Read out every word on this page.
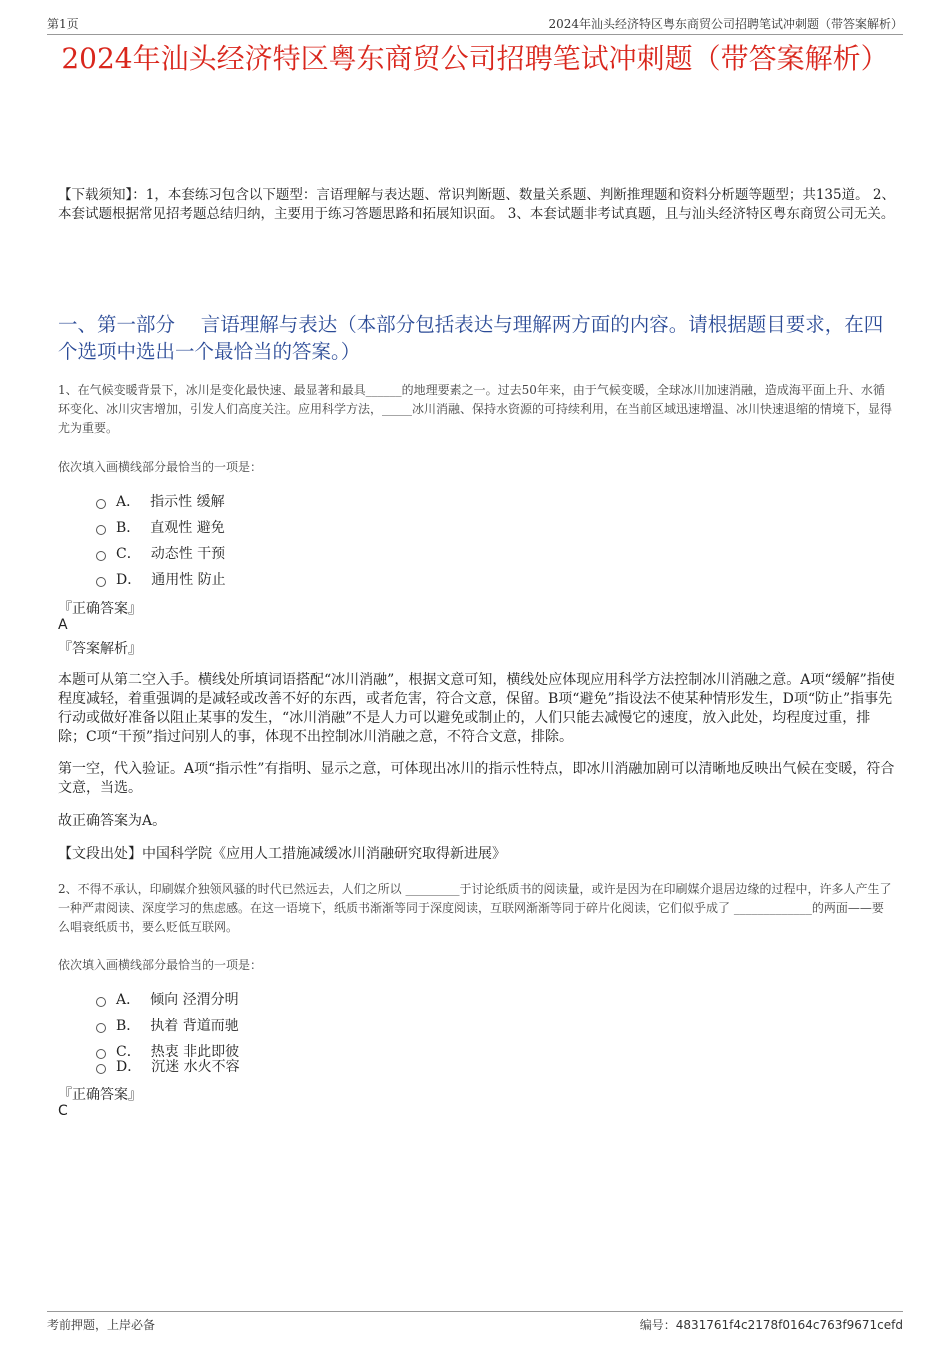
第1页	2024年汕头经济特区粤东商贸公司招聘笔试冲刺题（带答案解析）
2024年汕头经济特区粤东商贸公司招聘笔试冲刺题（带答案解析）
【下载须知】：1，本套练习包含以下题型：言语理解与表达题、常识判断题、数量关系题、判断推理题和资料分析题等题型；共135道。 2、本套试题根据常见招考题总结归纳，主要用于练习答题思路和拓展知识面。 3、本套试题非考试真题，且与汕头经济特区粤东商贸公司无关。
一、第一部分　 言语理解与表达（本部分包括表达与理解两方面的内容。请根据题目要求，在四个选项中选出一个最恰当的答案。）
1、在气候变暖背景下，冰川是变化最快速、最显著和最具______的地理要素之一。过去50年来，由于气候变暖，全球冰川加速消融，造成海平面上升、水循环变化、冰川灾害增加，引发人们高度关注。应用科学方法，_____冰川消融、保持水资源的可持续利用，在当前区域迅速增温、冰川快速退缩的情境下，显得尤为重要。
依次填入画横线部分最恰当的一项是：
A． 指示性 缓解
B． 直观性 避免
C． 动态性 干预
D． 通用性 防止
『正确答案』
A
『答案解析』
本题可从第二空入手。横线处所填词语搭配“冰川消融”，根据文意可知，横线处应体现应用科学方法控制冰川消融之意。A项“缓解”指使程度减轻，着重强调的是减轻或改善不好的东西，或者危害，符合文意，保留。B项“避免”指设法不使某种情形发生，D项“防止”指事先行动或做好准备以阻止某事的发生，“冰川消融”不是人力可以避免或制止的，人们只能去减慢它的速度，放入此处，均程度过重，排除；C项“干预”指过问别人的事，体现不出控制冰川消融之意，不符合文意，排除。
第一空，代入验证。A项“指示性”有指明、显示之意，可体现出冰川的指示性特点，即冰川消融加剧可以清晰地反映出气候在变暖，符合文意，当选。
故正确答案为A。
【文段出处】中国科学院《应用人工措施减缓冰川消融研究取得新进展》
2、不得不承认，印刷媒介独领风骚的时代已然远去，人们之所以 _________于讨论纸质书的阅读量，或许是因为在印刷媒介退居边缘的过程中，许多人产生了一种严肃阅读、深度学习的焦虑感。在这一语境下，纸质书渐渐等同于深度阅读，互联网渐渐等同于碎片化阅读，它们似乎成了 _____________的两面——要么唱衰纸质书，要么贬低互联网。
依次填入画横线部分最恰当的一项是：
A． 倾向 泾渭分明
B． 执着 背道而驰
C． 热衷 非此即彼
D． 沉迷 水火不容
『正确答案』
C
考前押题，上岸必备	编号：4831761f4c2178f0164c763f9671cefd
